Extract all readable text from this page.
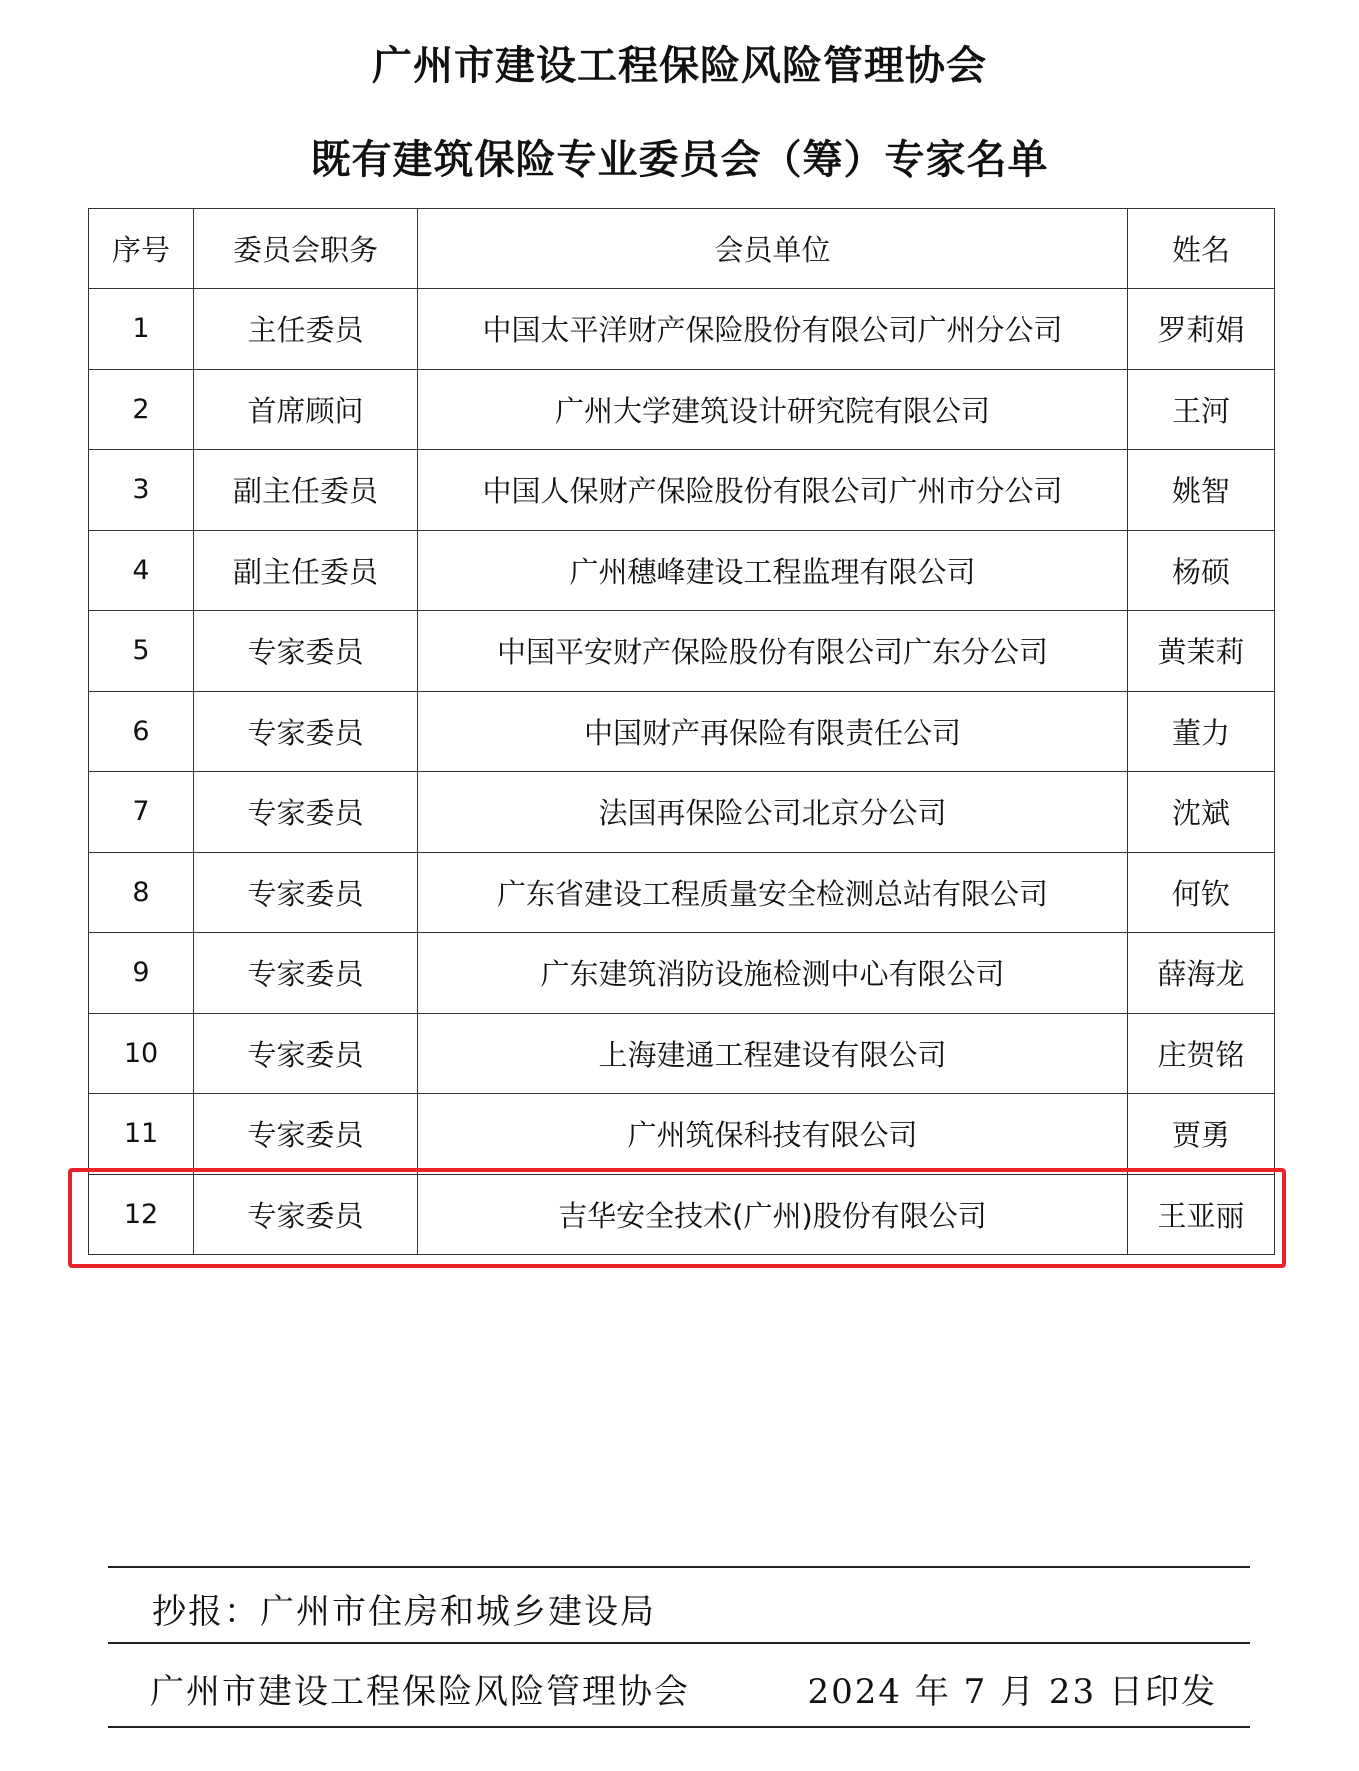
广州市建设工程保险风险管理协会
既有建筑保险专业委员会（筹）专家名单
序号	委员会职务	会员单位	姓名
1	主任委员	中国太平洋财产保险股份有限公司广州分公司	罗莉娟
2	首席顾问	广州大学建筑设计研究院有限公司	王河
3	副主任委员	中国人保财产保险股份有限公司广州市分公司	姚智
4	副主任委员	广州穗峰建设工程监理有限公司	杨硕
5	专家委员	中国平安财产保险股份有限公司广东分公司	黄茉莉
6	专家委员	中国财产再保险有限责任公司	董力
7	专家委员	法国再保险公司北京分公司	沈斌
8	专家委员	广东省建设工程质量安全检测总站有限公司	何钦
9	专家委员	广东建筑消防设施检测中心有限公司	薛海龙
10	专家委员	上海建通工程建设有限公司	庄贺铭
11	专家委员	广州筑保科技有限公司	贾勇
12	专家委员	吉华安全技术(广州)股份有限公司	王亚丽
抄报：广州市住房和城乡建设局
广州市建设工程保险风险管理协会	2024 年 7 月 23 日印发
